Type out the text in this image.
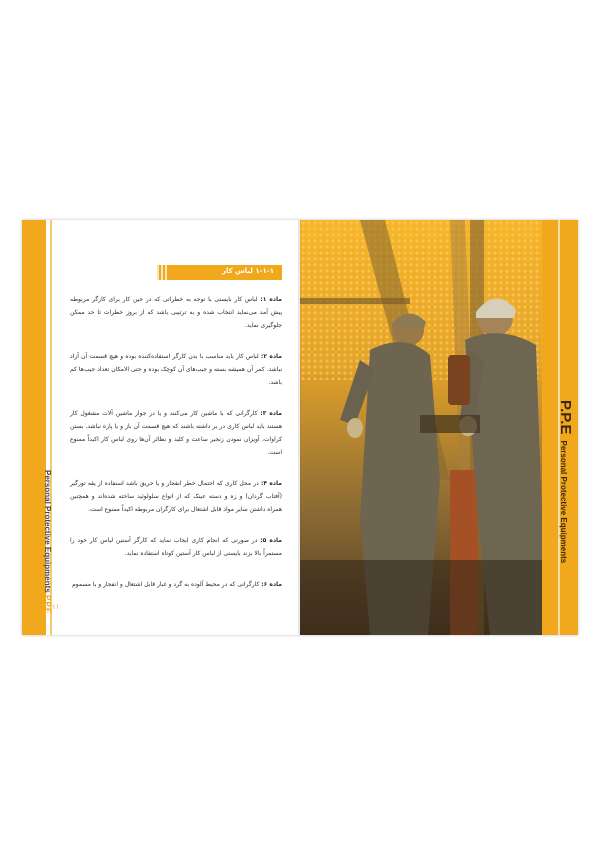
Personal Protective Equipments P.P.E
۱-۱-۱ لباس کار

ماده ۱: لباس کار بایستی با توجه به خطراتی که در حین کار برای کارگر مربوطه پیش آمد می‌نماید انتخاب شده و به ترتیبی باشد که از بروز خطرات تا حد ممکن جلوگیری نماید.

ماده ۲: لباس کار باید مناسب با بدن کارگر استفاده‌کننده بوده و هیچ قسمت آن آزاد نباشد. کمر آن همیشه بسته و جیب‌های آن کوچک بوده و حتی الامکان تعداد جیب‌ها کم باشد.

ماده ۳: کارگرانی که با ماشین کار می‌کنند و یا در جوار ماشین آلات مشغول کار هستند باید لباس کاری در بر داشته باشند که هیچ قسمت آن باز و یا پاره نباشد. بستن کراوات، آویزان نمودن زنجیر ساعت و کلید و نظائر آن‌ها روی لباس کار اکیداً ممنوع است.

ماده ۴: در محل کاری که احتمال خطر انفجار و یا حریق باشد استفاده از یقه تورگیر (آفتاب گردان) و زه و دسته عینک که از انواع سلولوئید ساخته شده‌اند و همچنین همراه داشتن سایر مواد قابل اشتعال برای کارگران مربوطه اکیداً ممنوع است.

ماده ۵: در صورتی که انجام کاری ایجاب نماید که کارگر آستین لباس کار خود را مستمراً بالا بزند بایستی از لباس کار آستین کوتاه استفاده نماید.

ماده ۶: کارگرانی که در محیط آلوده به گرد و غبار قابل اشتعال و انفجار و یا مسموم

۱۱
P.P.EPersonal Protective Equipments
